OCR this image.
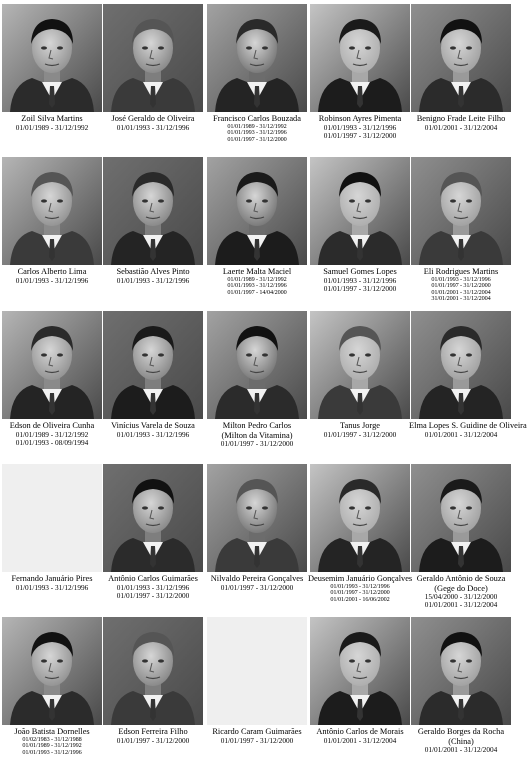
Zoil Silva Martins
01/01/1989 - 31/12/1992
José Geraldo de Oliveira
01/01/1993 - 31/12/1996
Francisco Carlos Bouzada
01/01/1989 - 31/12/1992
01/01/1993 - 31/12/1996
01/01/1997 - 31/12/2000
Robinson Ayres Pimenta
01/01/1993 - 31/12/1996
01/01/1997 - 31/12/2000
Benigno Frade Leite Filho
01/01/2001 - 31/12/2004
Carlos Alberto Lima
01/01/1993 - 31/12/1996
Sebastião Alves Pinto
01/01/1993 - 31/12/1996
Laerte Malta Maciel
01/01/1989 - 31/12/1992
01/01/1993 - 31/12/1996
01/01/1997 - 14/04/2000
Samuel Gomes Lopes
01/01/1993 - 31/12/1996
01/01/1997 - 31/12/2000
Eli Rodrigues Martins
01/01/1993 - 31/12/1996
01/01/1997 - 31/12/2000
01/01/2001 - 31/12/2004
31/01/2001 - 31/12/2004
Edson de Oliveira Cunha
01/01/1989 - 31/12/1992
01/01/1993 - 08/09/1994
Vinícius Varela de Souza
01/01/1993 - 31/12/1996
Milton Pedro Carlos
(Milton da Vitamina)
01/01/1997 - 31/12/2000
Tanus Jorge
01/01/1997 - 31/12/2000
Elma Lopes S. Guidine de Oliveira
01/01/2001 - 31/12/2004
Fernando Januário Pires
01/01/1993 - 31/12/1996
Antônio Carlos Guimarães
01/01/1993 - 31/12/1996
01/01/1997 - 31/12/2000
Nilvaldo Pereira Gonçalves
01/01/1997 - 31/12/2000
Deusemim Januário Gonçalves
01/01/1993 - 31/12/1996
01/01/1997 - 31/12/2000
01/01/2001 - 16/06/2002
Geraldo Antônio de Souza
(Gege do Doce)
15/04/2000 - 31/12/2000
01/01/2001 - 31/12/2004
João Batista Dornelles
01/02/1983 - 31/12/1988
01/01/1989 - 31/12/1992
01/01/1993 - 31/12/1996
Edson Ferreira Filho
01/01/1997 - 31/12/2000
Ricardo Caram Guimarães
01/01/1997 - 31/12/2000
Antônio Carlos de Morais
01/01/2001 - 31/12/2004
Geraldo Borges da Rocha
(China)
01/01/2001 - 31/12/2004
